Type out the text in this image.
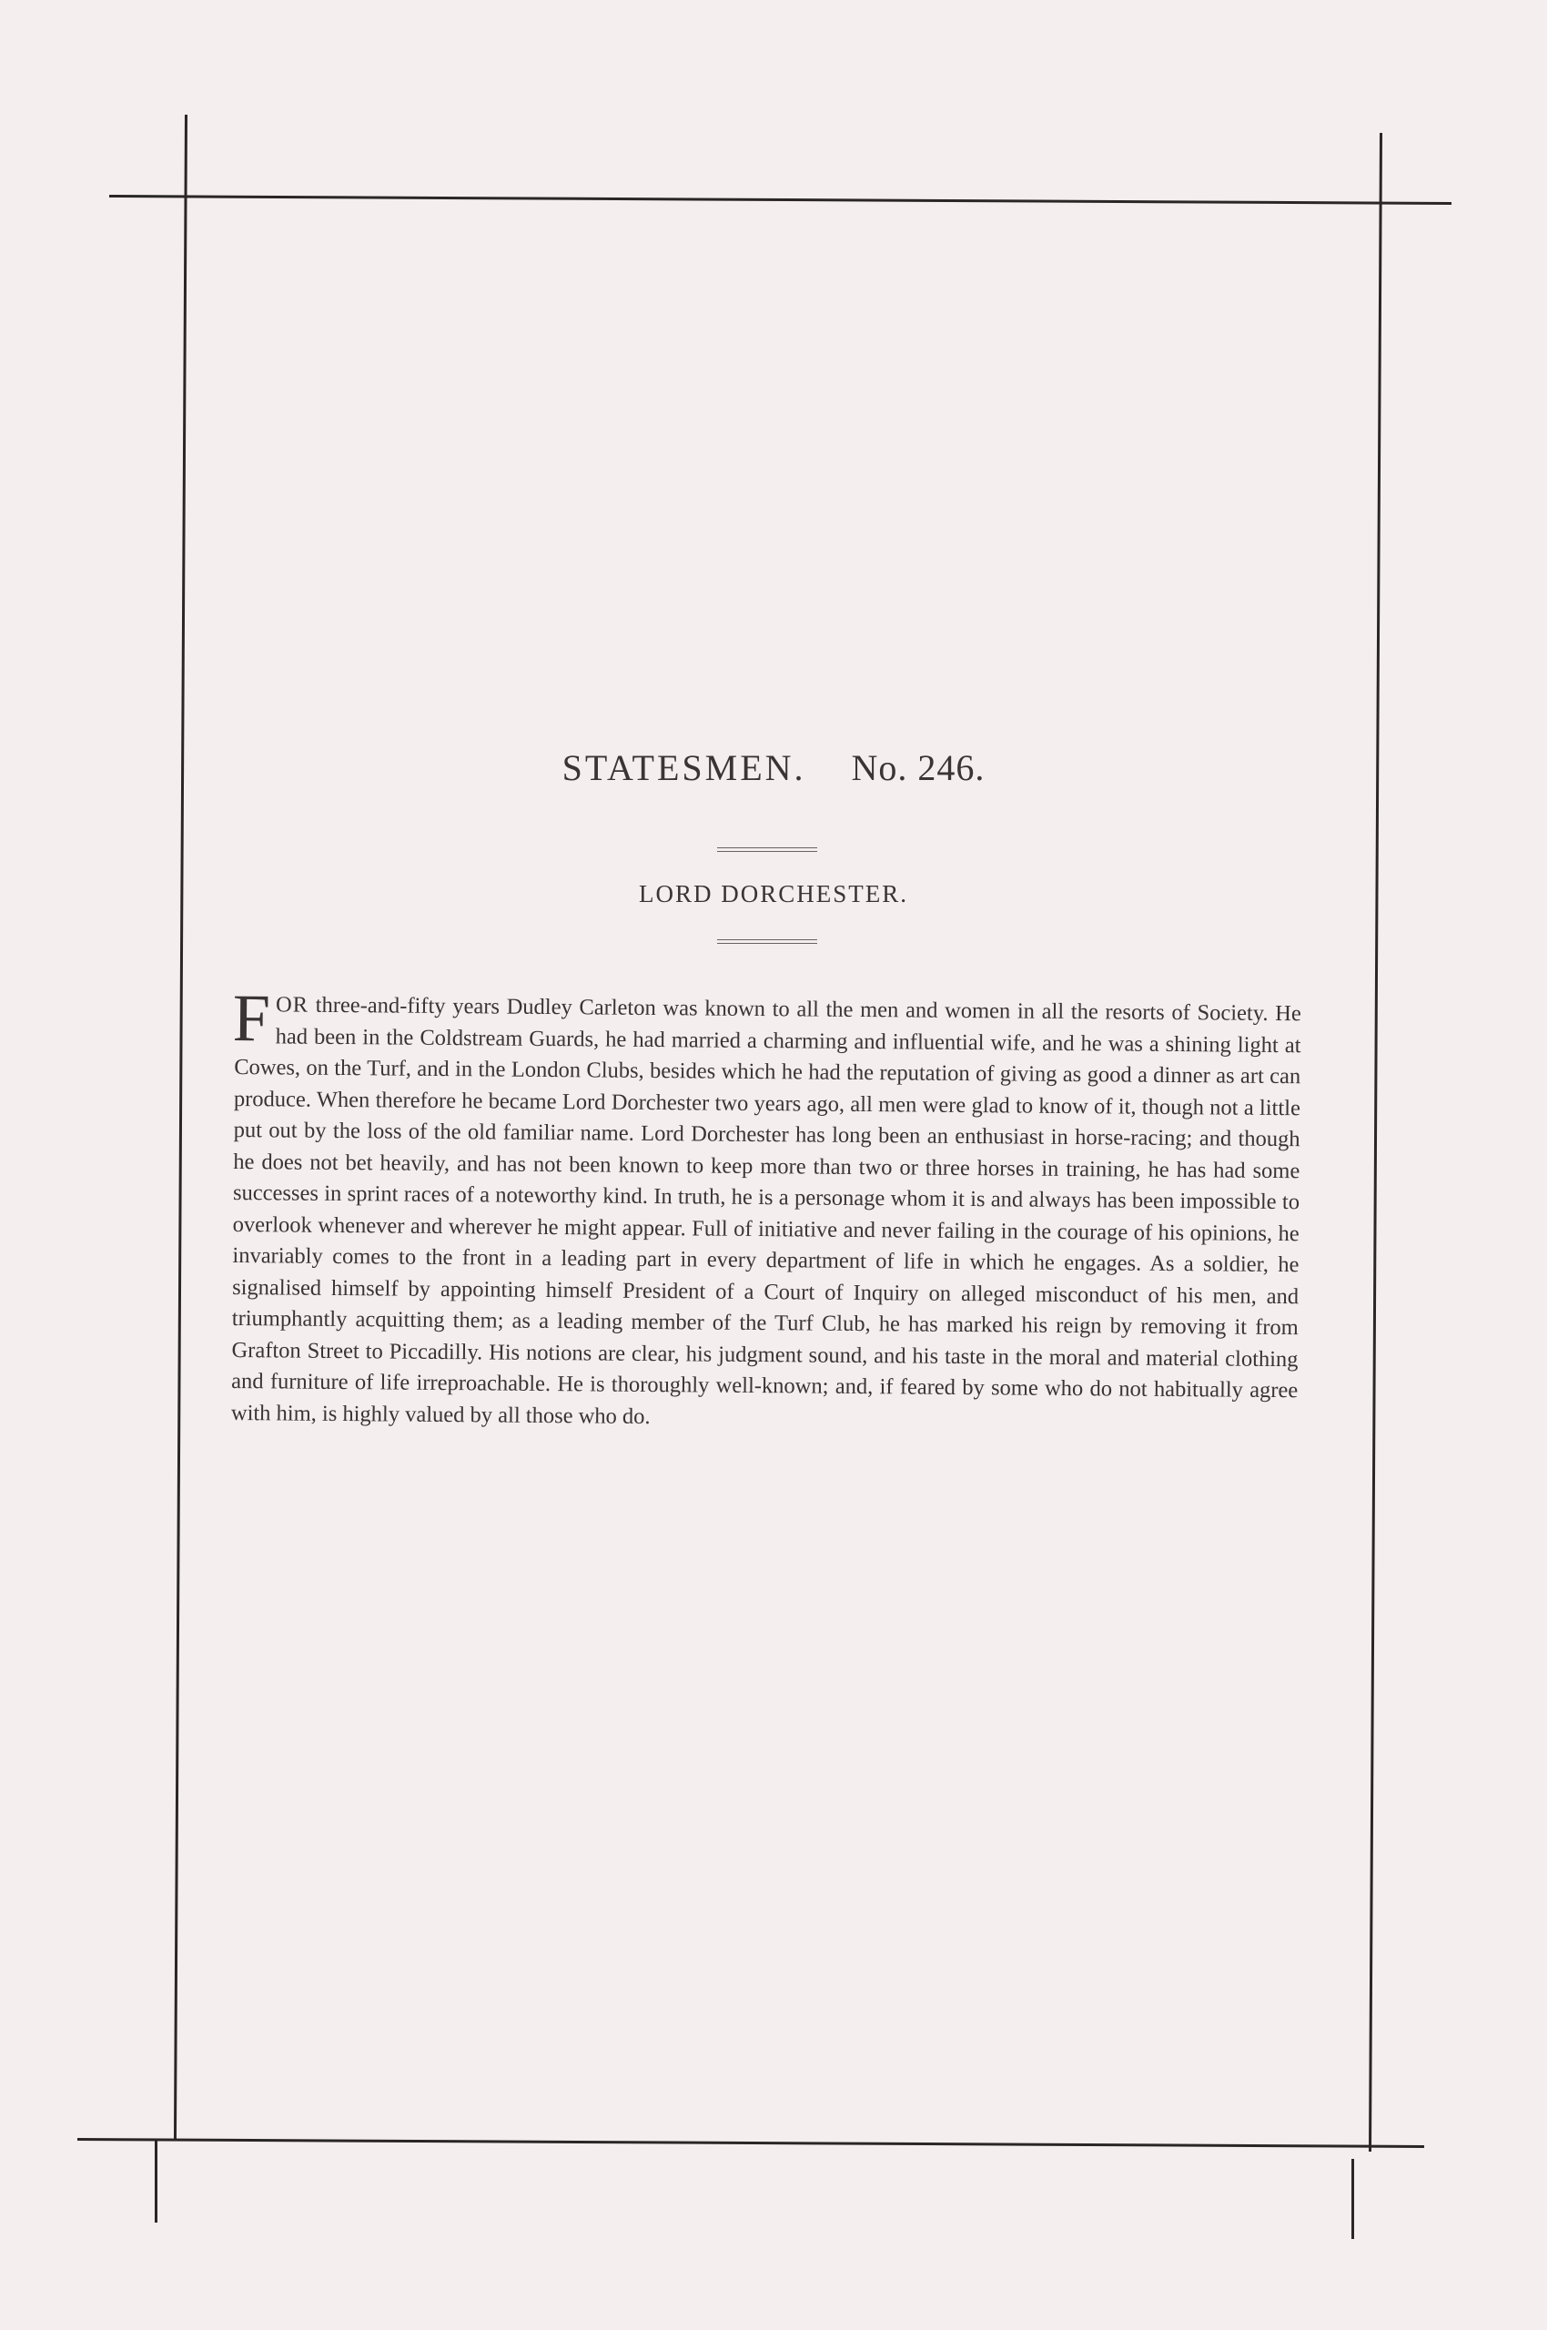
STATESMEN. No. 246.
LORD DORCHESTER.

FOR three-and-fifty years Dudley Carleton was known to all the men and women in all the resorts of Society. He had been in the Coldstream Guards, he had married a charming and influential wife, and he was a shining light at Cowes, on the Turf, and in the London Clubs, besides which he had the reputation of giving as good a dinner as art can produce. When therefore he became Lord Dorchester two years ago, all men were glad to know of it, though not a little put out by the loss of the old familiar name. Lord Dorchester has long been an enthusiast in horse-racing; and though he does not bet heavily, and has not been known to keep more than two or three horses in training, he has had some successes in sprint races of a noteworthy kind. In truth, he is a personage whom it is and always has been impossible to overlook whenever and wherever he might appear. Full of initiative and never failing in the courage of his opinions, he invariably comes to the front in a leading part in every department of life in which he engages. As a soldier, he signalised himself by appointing himself President of a Court of Inquiry on alleged misconduct of his men, and triumphantly acquitting them; as a leading member of the Turf Club, he has marked his reign by removing it from Grafton Street to Piccadilly. His notions are clear, his judgment sound, and his taste in the moral and material clothing and furniture of life irreproachable. He is thoroughly well-known; and, if feared by some who do not habitually agree with him, is highly valued by all those who do.
